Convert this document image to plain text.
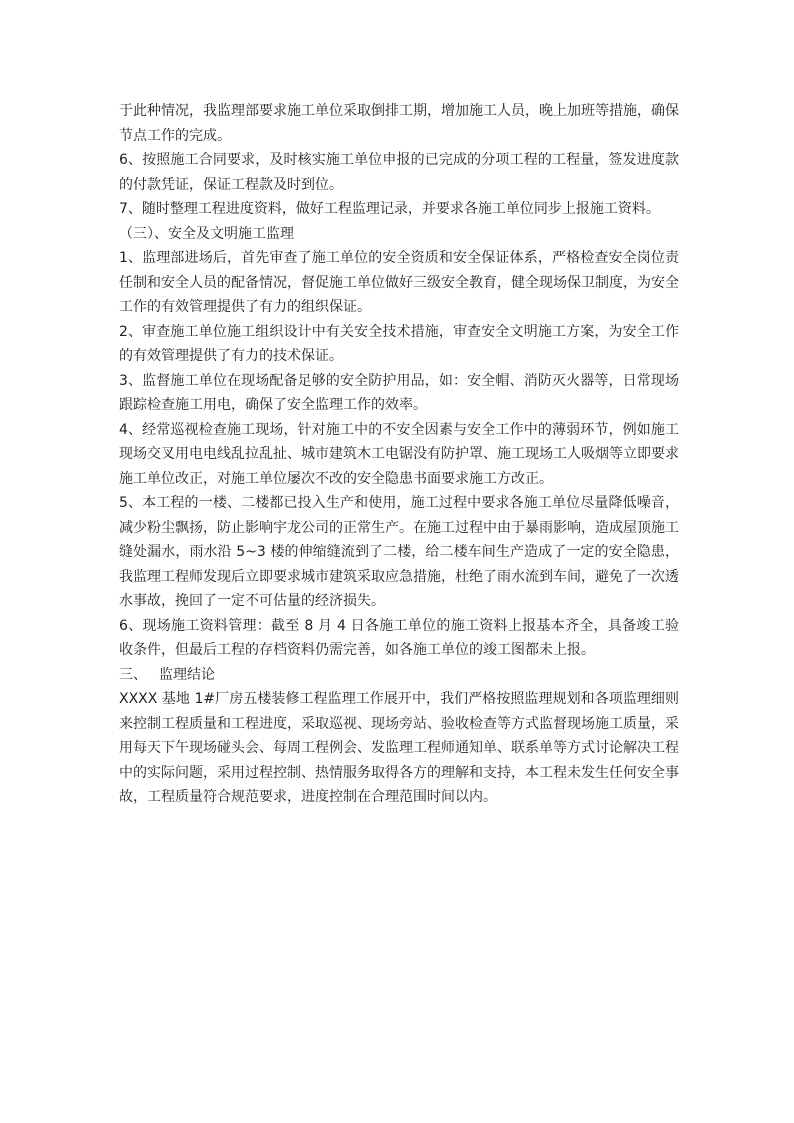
于此种情况，我监理部要求施工单位采取倒排工期，增加施工人员，晚上加班等措施，确保节点工作的完成。

6、按照施工合同要求，及时核实施工单位申报的已完成的分项工程的工程量，签发进度款的付款凭证，保证工程款及时到位。

7、随时整理工程进度资料，做好工程监理记录，并要求各施工单位同步上报施工资料。

（三）、安全及文明施工监理

1、监理部进场后，首先审查了施工单位的安全资质和安全保证体系，严格检查安全岗位责任制和安全人员的配备情况，督促施工单位做好三级安全教育，健全现场保卫制度，为安全工作的有效管理提供了有力的组织保证。

2、审查施工单位施工组织设计中有关安全技术措施，审查安全文明施工方案，为安全工作的有效管理提供了有力的技术保证。

3、监督施工单位在现场配备足够的安全防护用品，如：安全帽、消防灭火器等，日常现场跟踪检查施工用电，确保了安全监理工作的效率。

4、经常巡视检查施工现场，针对施工中的不安全因素与安全工作中的薄弱环节，例如施工现场交叉用电电线乱拉乱扯、城市建筑木工电锯没有防护罩、施工现场工人吸烟等立即要求施工单位改正，对施工单位屡次不改的安全隐患书面要求施工方改正。

5、本工程的一楼、二楼都已投入生产和使用，施工过程中要求各施工单位尽量降低噪音，减少粉尘飘扬，防止影响宇龙公司的正常生产。在施工过程中由于暴雨影响，造成屋顶施工缝处漏水，雨水沿 5~3 楼的伸缩缝流到了二楼，给二楼车间生产造成了一定的安全隐患，我监理工程师发现后立即要求城市建筑采取应急措施，杜绝了雨水流到车间，避免了一次透水事故，挽回了一定不可估量的经济损失。

6、现场施工资料管理：截至 8 月 4 日各施工单位的施工资料上报基本齐全，具备竣工验收条件，但最后工程的存档资料仍需完善，如各施工单位的竣工图都未上报。

三、 监理结论

XXXX 基地 1#厂房五楼装修工程监理工作展开中，我们严格按照监理规划和各项监理细则来控制工程质量和工程进度，采取巡视、现场旁站、验收检查等方式监督现场施工质量，采用每天下午现场碰头会、每周工程例会、发监理工程师通知单、联系单等方式讨论解决工程中的实际问题，采用过程控制、热情服务取得各方的理解和支持，本工程未发生任何安全事故，工程质量符合规范要求，进度控制在合理范围时间以内。
